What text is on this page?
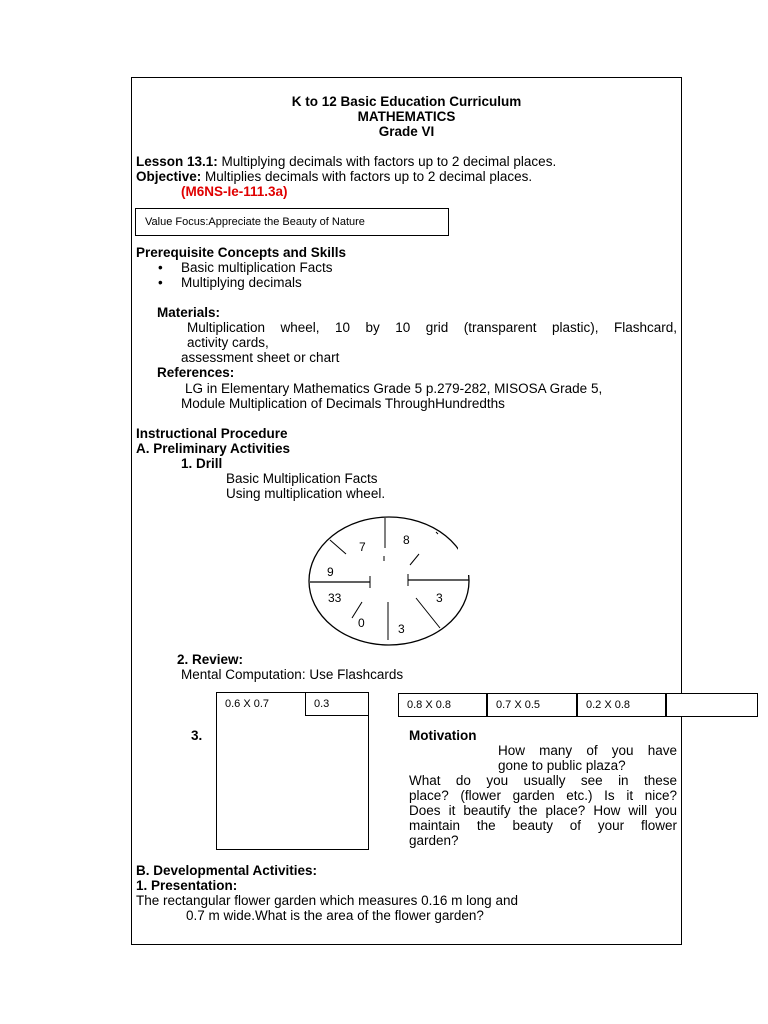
K to 12 Basic Education Curriculum
MATHEMATICS
Grade VI
Lesson 13.1: Multiplying decimals with factors up to 2 decimal places.
Objective: Multiplies decimals with factors up to 2 decimal places.
(M6NS-Ie-111.3a)
Value Focus:Appreciate the Beauty of Nature
Prerequisite Concepts and Skills
• Basic multiplication Facts
• Multiplying decimals
Materials:
Multiplication wheel, 10 by 10 grid (transparent plastic), Flashcard,
activity cards,
assessment sheet or chart
References:
LG in Elementary Mathematics Grade 5 p.279-282, MISOSA Grade 5,
Module Multiplication of Decimals ThroughHundredths
Instructional Procedure
A. Preliminary Activities
1. Drill
Basic Multiplication Facts
Using multiplication wheel.
7	8
9
33
0	3
3
2. Review:
Mental Computation: Use Flashcards
0.6 X 0.7	0.3	0.8 X 0.8	0.7 X 0.5	0.2 X 0.8
3.	Motivation
How many of you have
gone to public plaza?
What do you usually see in these
place? (flower garden etc.) Is it nice?
Does it beautify the place? How will you
maintain the beauty of your flower
garden?
B. Developmental Activities:
1. Presentation:
The rectangular flower garden which measures 0.16 m long and
0.7 m wide.What is the area of the flower garden?
